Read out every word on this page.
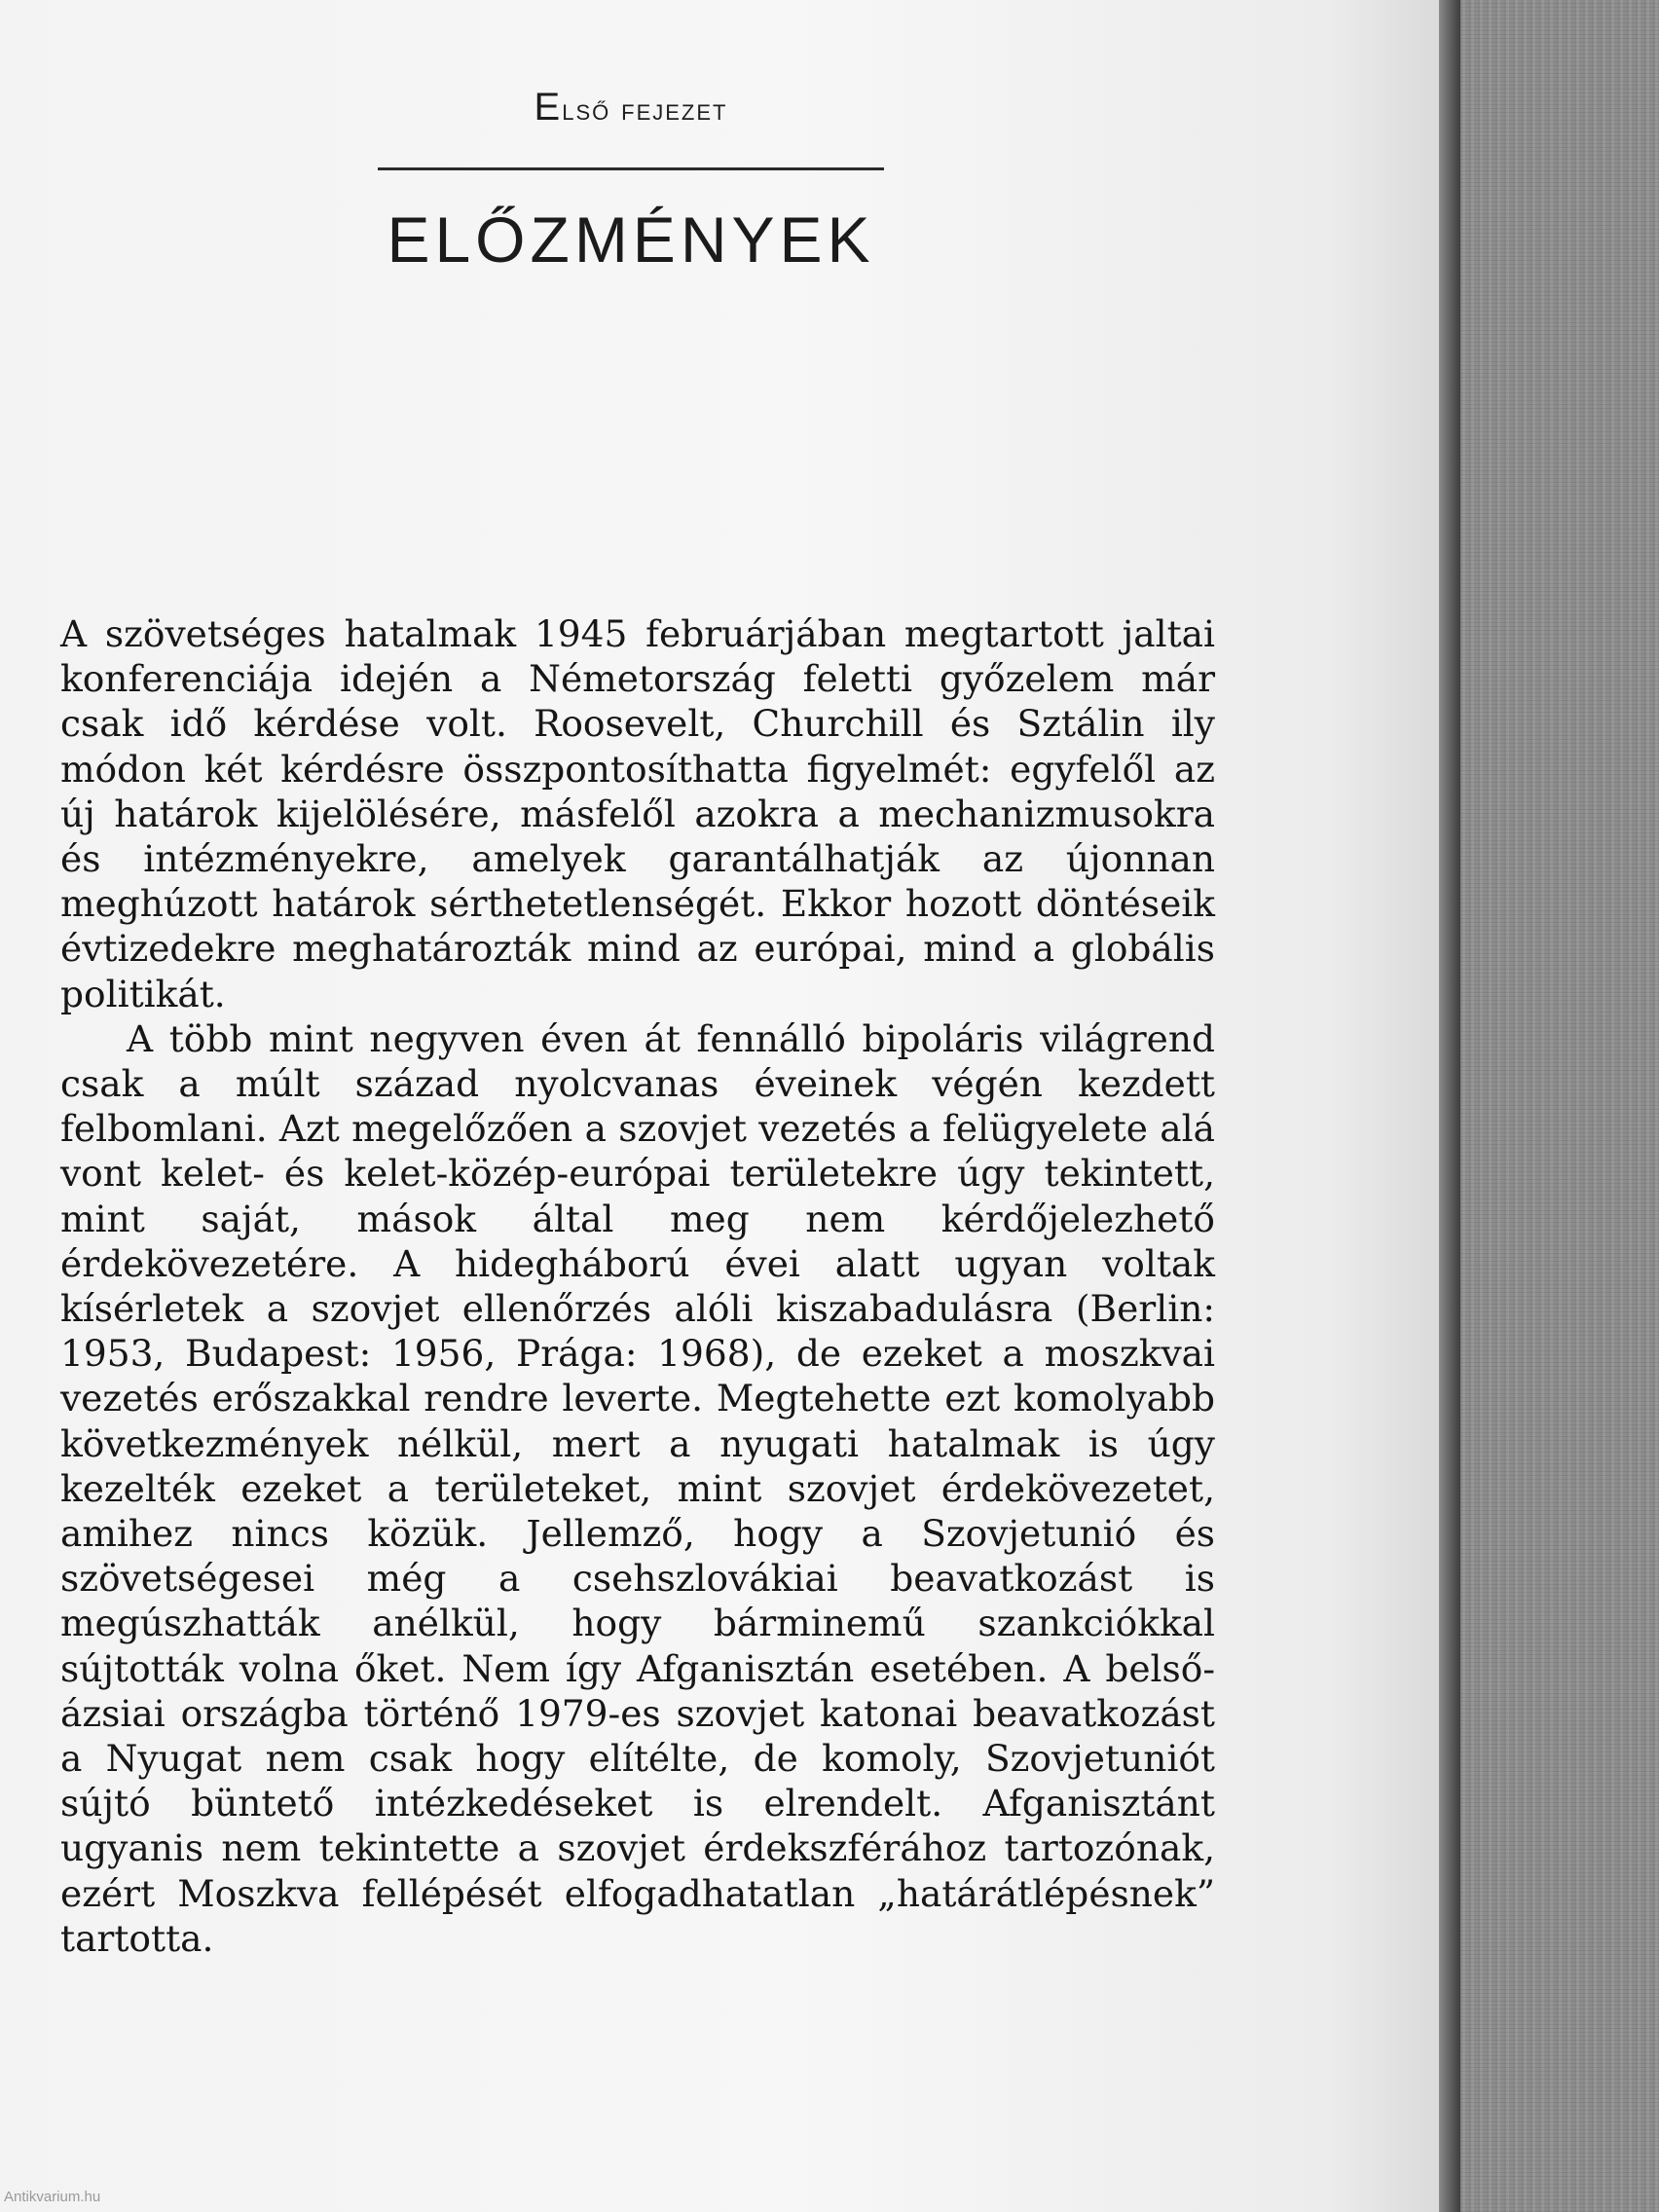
Első fejezet
ELŐZMÉNYEK

A szövetséges hatalmak 1945 februárjában megtartott jaltai konferenciája idején a Németország feletti győzelem már csak idő kérdése volt. Roosevelt, Churchill és Sztálin ily módon két kérdésre összpontosíthatta figyelmét: egyfelől az új határok kijelölésére, másfelől azokra a mechanizmusokra és intézményekre, amelyek garantálhatják az újonnan meghúzott határok sérthetetlenségét. Ekkor hozott döntéseik évtizedekre meghatározták mind az európai, mind a globális politikát.

A több mint negyven éven át fennálló bipoláris világrend csak a múlt század nyolcvanas éveinek végén kezdett felbomlani. Azt megelőzően a szovjet vezetés a felügyelete alá vont kelet- és kelet-közép-európai területekre úgy tekintett, mint saját, mások által meg nem kérdőjelezhető érdekövezetére. A hidegháború évei alatt ugyan voltak kísérletek a szovjet ellenőrzés alóli kiszabadulásra (Berlin: 1953, Budapest: 1956, Prága: 1968), de ezeket a moszkvai vezetés erőszakkal rendre leverte. Megtehette ezt komolyabb következmények nélkül, mert a nyugati hatalmak is úgy kezelték ezeket a területeket, mint szovjet érdekövezetet, amihez nincs közük. Jellemző, hogy a Szovjetunió és szövetségesei még a csehszlovákiai beavatkozást is megúszhatták anélkül, hogy bárminemű szankciókkal sújtották volna őket. Nem így Afganisztán esetében. A belsőázsiai országba történő 1979-es szovjet katonai beavatkozást a Nyugat nem csak hogy elítélte, de komoly, Szovjetuniót sújtó büntető intézkedéseket is elrendelt. Afganisztánt ugyanis nem tekintette a szovjet érdekszférához tartozónak, ezért Moszkva fellépését elfogadhatatlan „határátlépésnek” tartotta.

Antikvarium.hu
